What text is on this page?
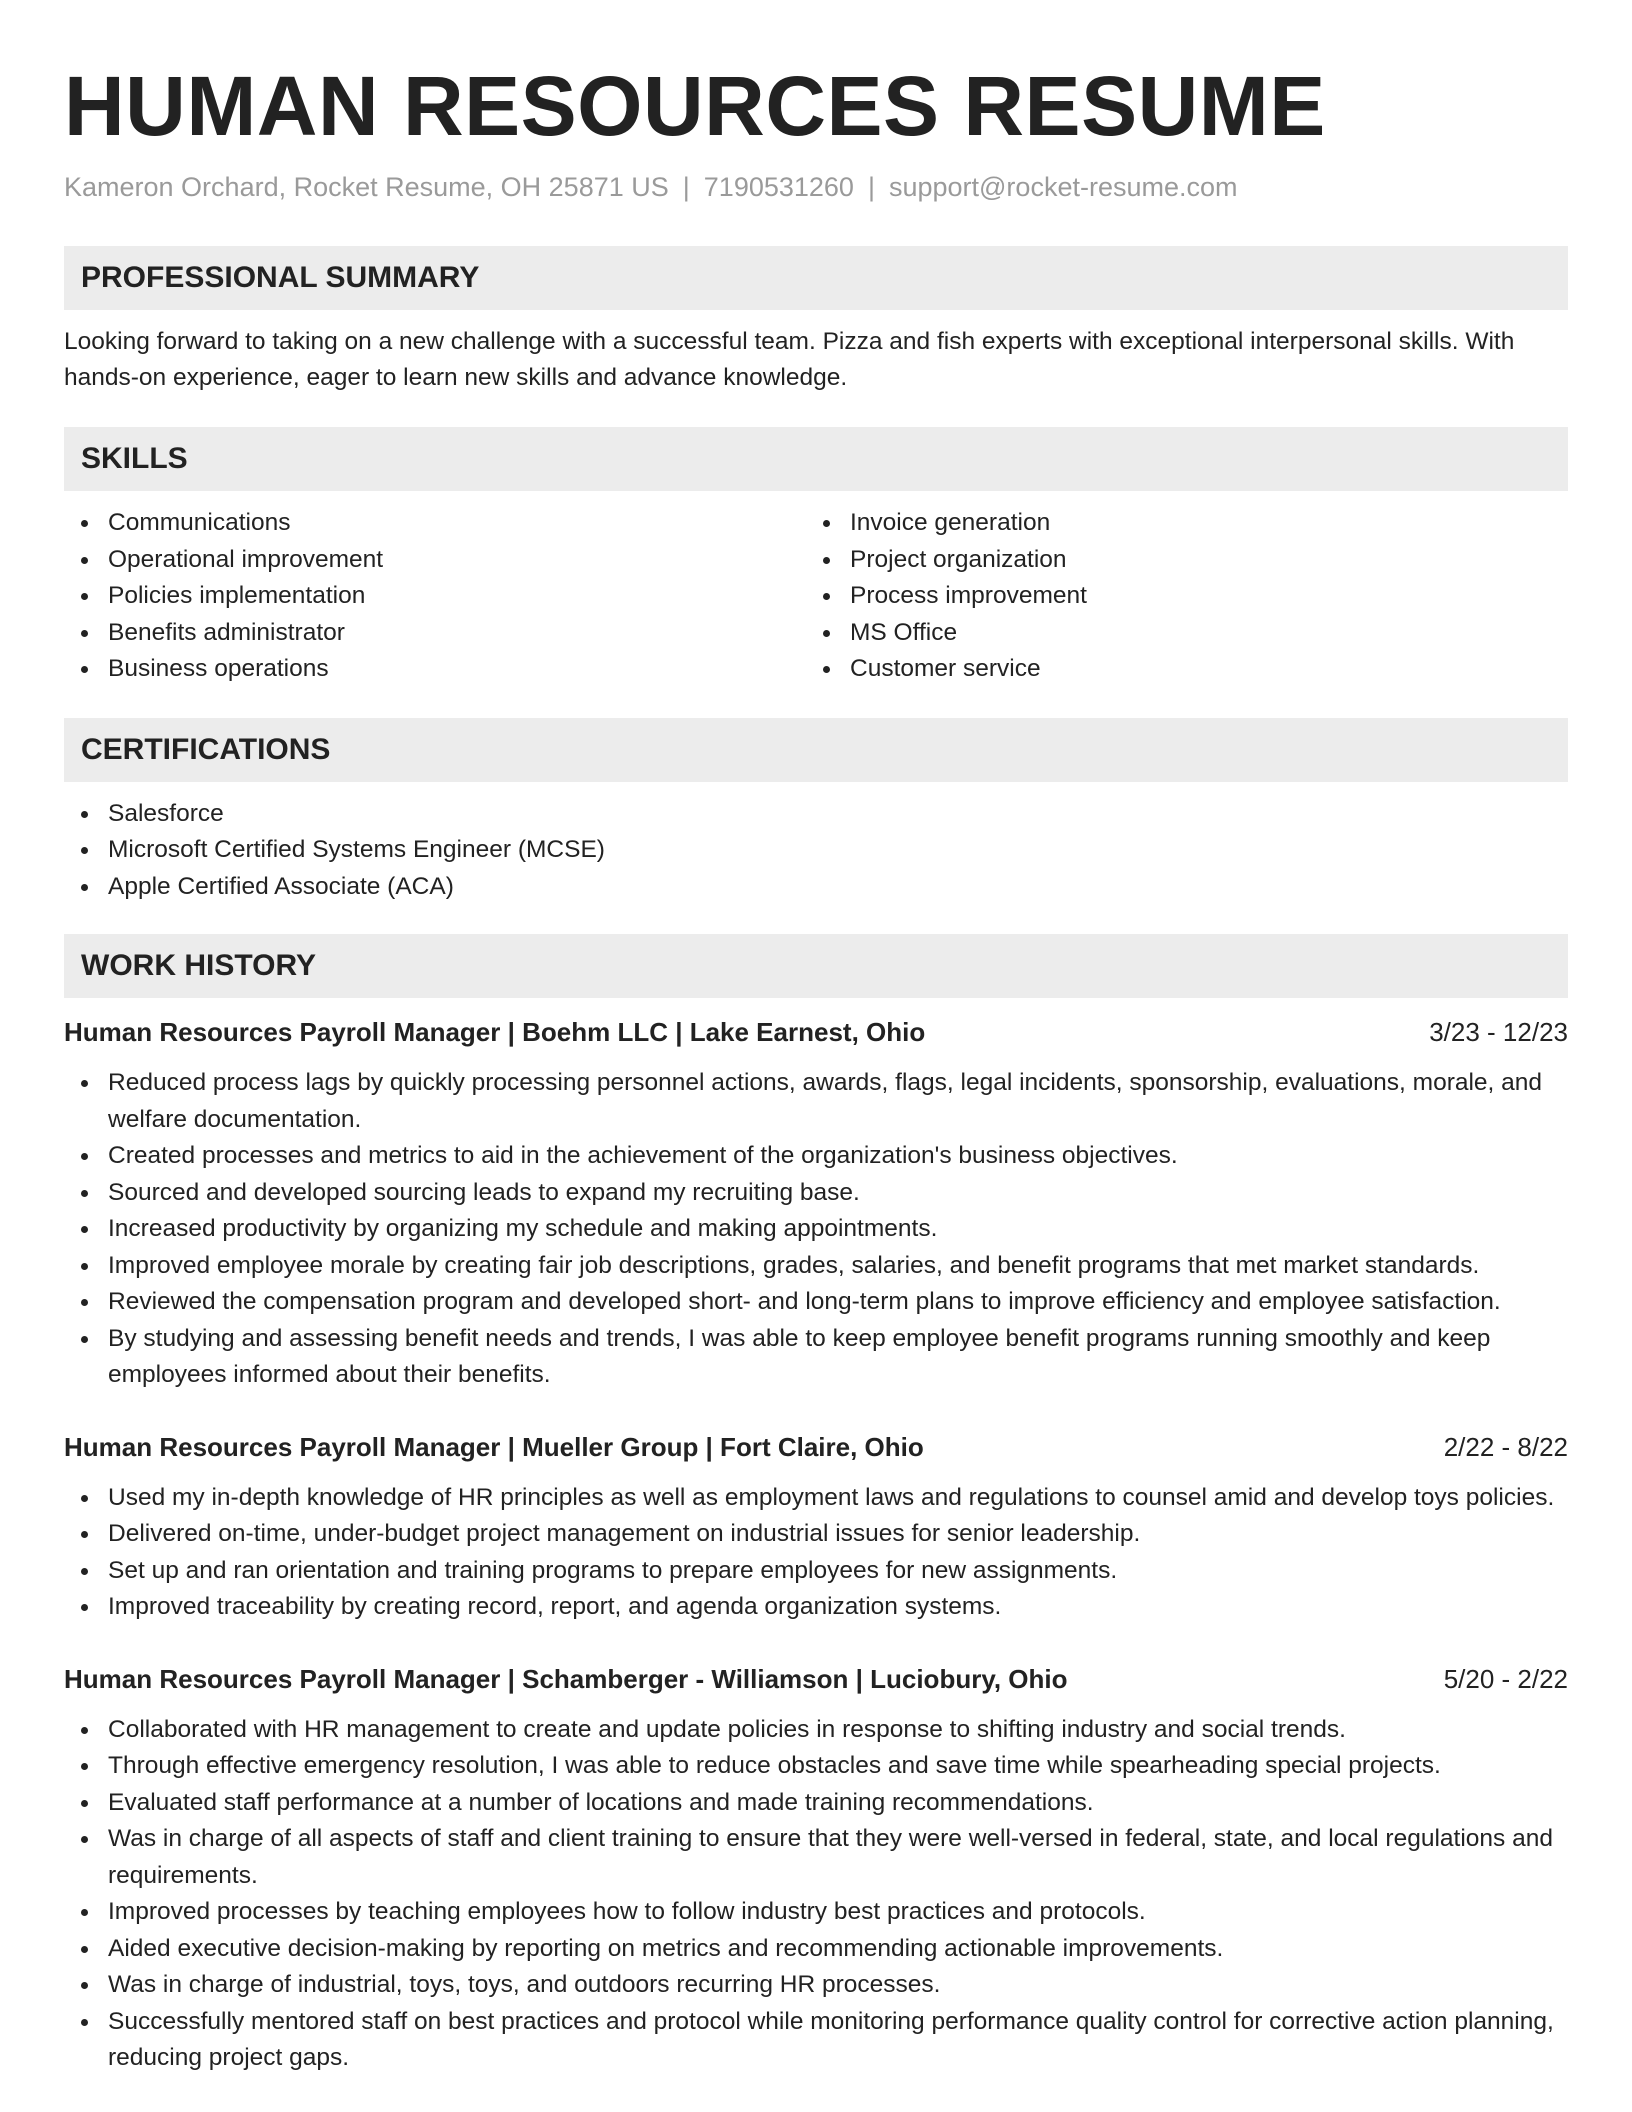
HUMAN RESOURCES RESUME
Kameron Orchard, Rocket Resume, OH 25871 US | 7190531260 | support@rocket-resume.com
PROFESSIONAL SUMMARY

Looking forward to taking on a new challenge with a successful team. Pizza and fish experts with exceptional interpersonal skills. With hands-on experience, eager to learn new skills and advance knowledge.

SKILLS
Communications
Operational improvement
Policies implementation
Benefits administrator
Business operations
Invoice generation
Project organization
Process improvement
MS Office
Customer service
CERTIFICATIONS
Salesforce
Microsoft Certified Systems Engineer (MCSE)
Apple Certified Associate (ACA)
WORK HISTORY
Human Resources Payroll Manager | Boehm LLC | Lake Earnest, Ohio	3/23 - 12/23
Reduced process lags by quickly processing personnel actions, awards, flags, legal incidents, sponsorship, evaluations, morale, and welfare documentation.
Created processes and metrics to aid in the achievement of the organization's business objectives.
Sourced and developed sourcing leads to expand my recruiting base.
Increased productivity by organizing my schedule and making appointments.
Improved employee morale by creating fair job descriptions, grades, salaries, and benefit programs that met market standards.
Reviewed the compensation program and developed short- and long-term plans to improve efficiency and employee satisfaction.
By studying and assessing benefit needs and trends, I was able to keep employee benefit programs running smoothly and keep employees informed about their benefits.
Human Resources Payroll Manager | Mueller Group | Fort Claire, Ohio	2/22 - 8/22
Used my in-depth knowledge of HR principles as well as employment laws and regulations to counsel amid and develop toys policies.
Delivered on-time, under-budget project management on industrial issues for senior leadership.
Set up and ran orientation and training programs to prepare employees for new assignments.
Improved traceability by creating record, report, and agenda organization systems.
Human Resources Payroll Manager | Schamberger - Williamson | Luciobury, Ohio	5/20 - 2/22
Collaborated with HR management to create and update policies in response to shifting industry and social trends.
Through effective emergency resolution, I was able to reduce obstacles and save time while spearheading special projects.
Evaluated staff performance at a number of locations and made training recommendations.
Was in charge of all aspects of staff and client training to ensure that they were well-versed in federal, state, and local regulations and requirements.
Improved processes by teaching employees how to follow industry best practices and protocols.
Aided executive decision-making by reporting on metrics and recommending actionable improvements.
Was in charge of industrial, toys, toys, and outdoors recurring HR processes.
Successfully mentored staff on best practices and protocol while monitoring performance quality control for corrective action planning, reducing project gaps.
